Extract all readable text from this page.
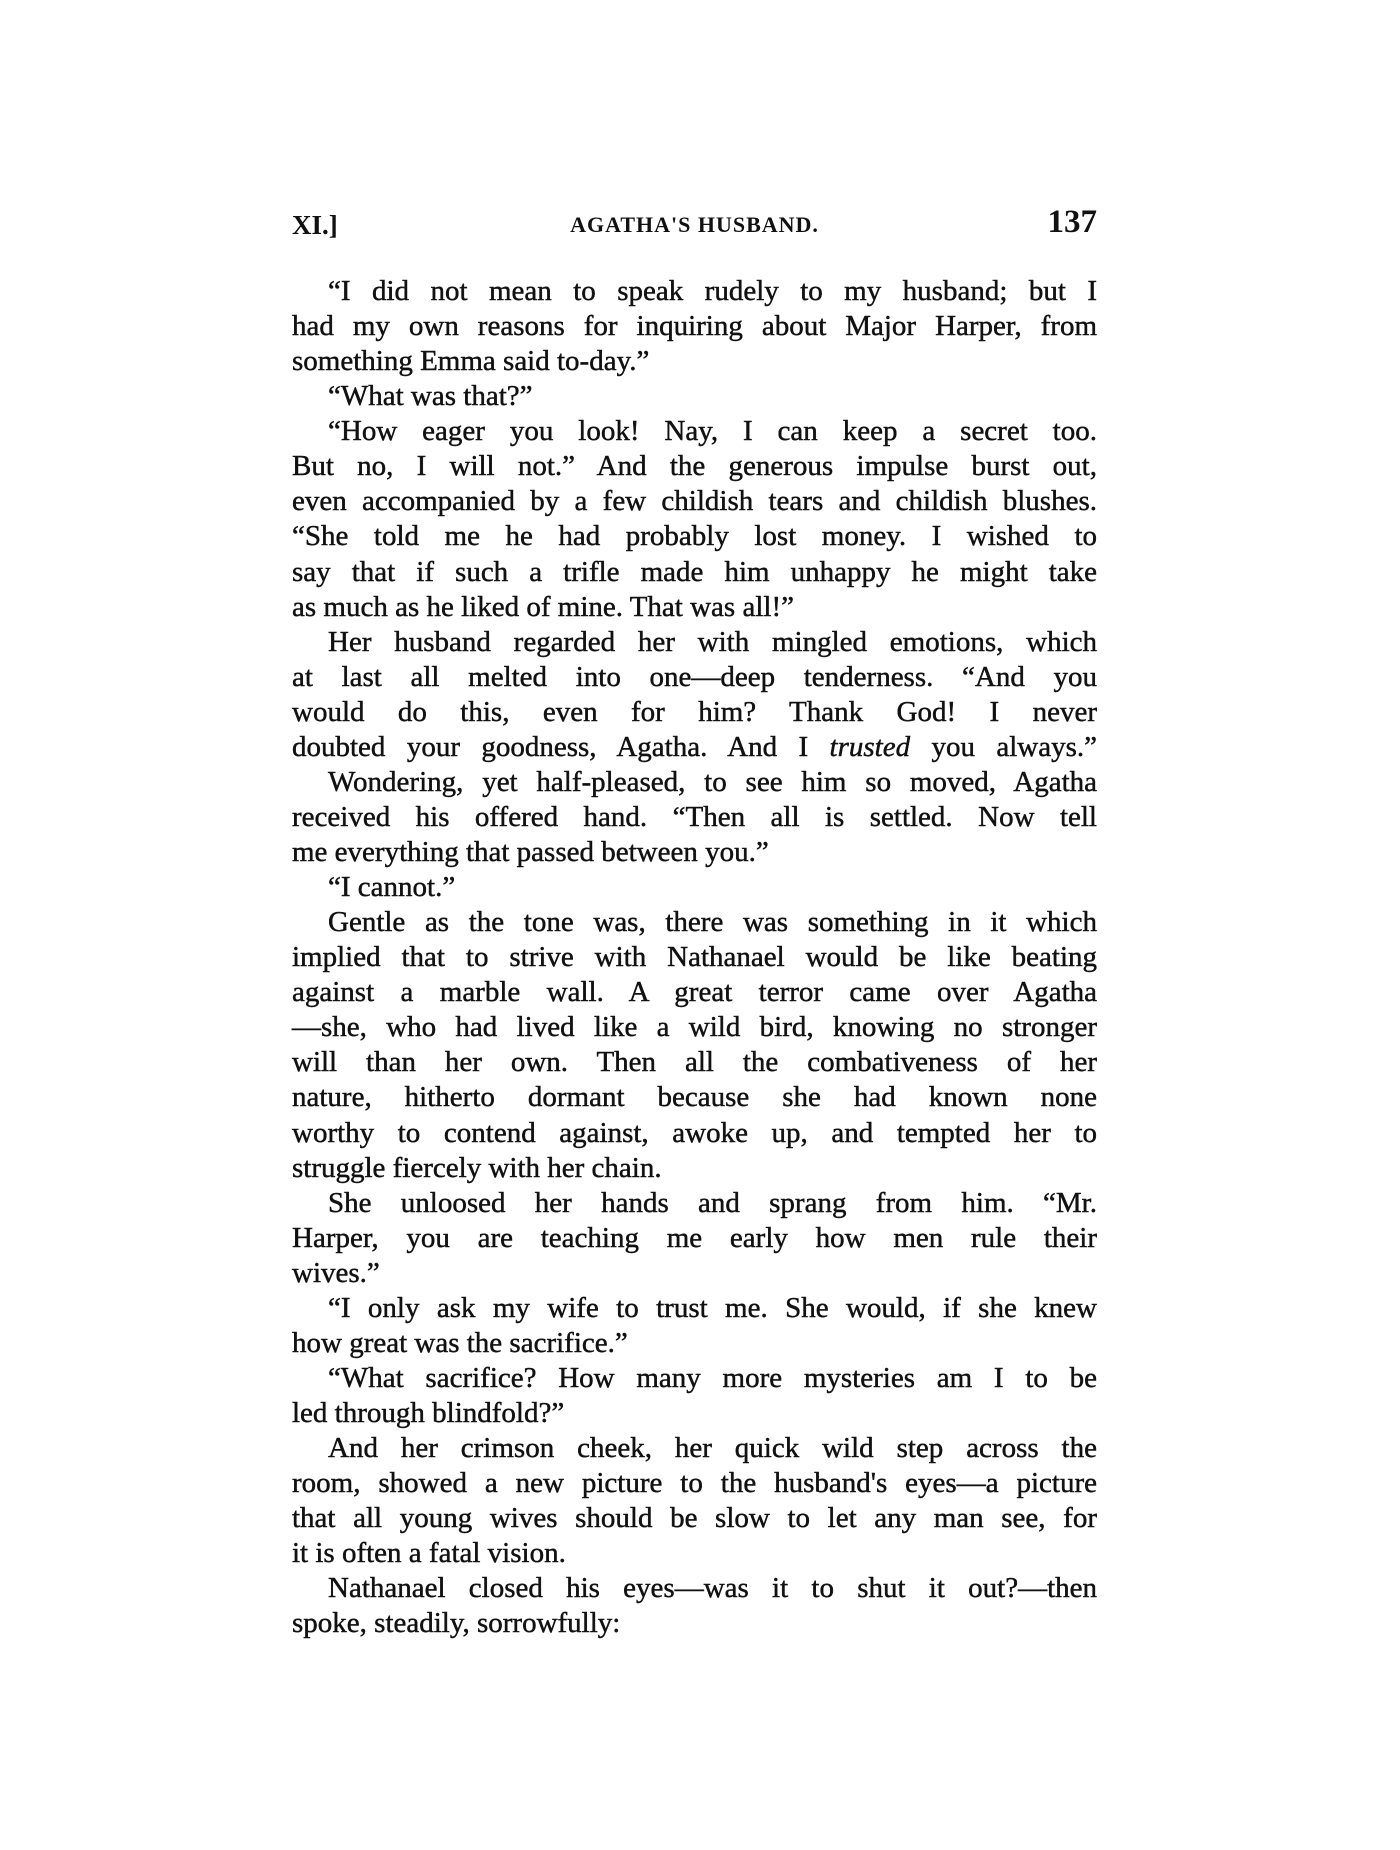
XI.]	AGATHA'S HUSBAND.	137
“I did not mean to speak rudely to my husband; but I
had my own reasons for inquiring about Major Harper, from
something Emma said to-day.”
“What was that?”
“How eager you look! Nay, I can keep a secret too.
But no, I will not.” And the generous impulse burst out,
even accompanied by a few childish tears and childish blushes.
“She told me he had probably lost money. I wished to
say that if such a trifle made him unhappy he might take
as much as he liked of mine. That was all!”
Her husband regarded her with mingled emotions, which
at last all melted into one—deep tenderness. “And you
would do this, even for him? Thank God! I never
doubted your goodness, Agatha. And I trusted you always.”
Wondering, yet half-pleased, to see him so moved, Agatha
received his offered hand. “Then all is settled. Now tell
me everything that passed between you.”
“I cannot.”
Gentle as the tone was, there was something in it which
implied that to strive with Nathanael would be like beating
against a marble wall. A great terror came over Agatha
—she, who had lived like a wild bird, knowing no stronger
will than her own. Then all the combativeness of her
nature, hitherto dormant because she had known none
worthy to contend against, awoke up, and tempted her to
struggle fiercely with her chain.
She unloosed her hands and sprang from him. “Mr.
Harper, you are teaching me early how men rule their
wives.”
“I only ask my wife to trust me. She would, if she knew
how great was the sacrifice.”
“What sacrifice? How many more mysteries am I to be
led through blindfold?”
And her crimson cheek, her quick wild step across the
room, showed a new picture to the husband's eyes—a picture
that all young wives should be slow to let any man see, for
it is often a fatal vision.
Nathanael closed his eyes—was it to shut it out?—then
spoke, steadily, sorrowfully:
